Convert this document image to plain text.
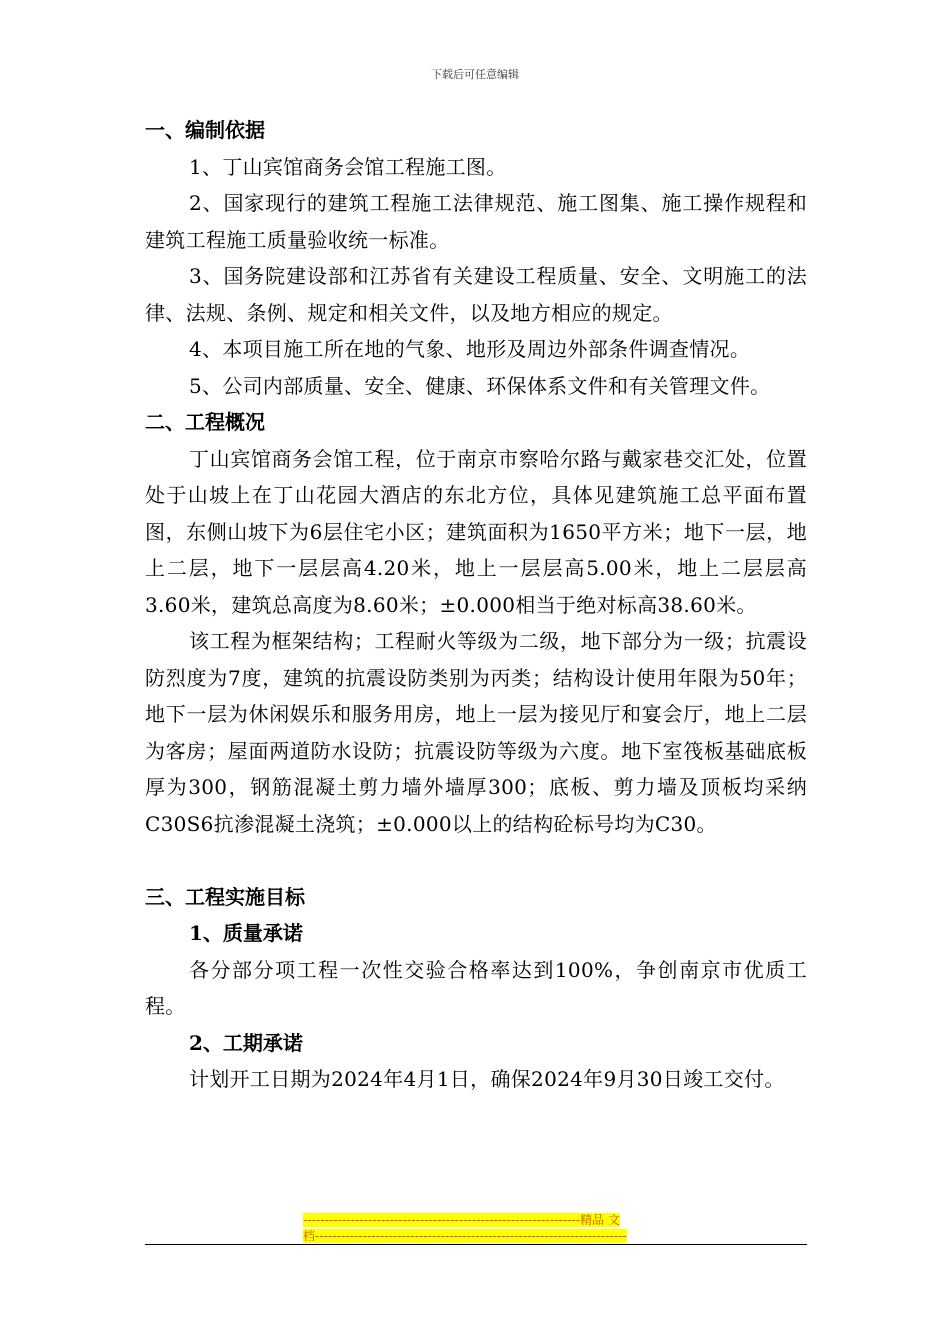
下载后可任意编辑
一、编制依据
1、丁山宾馆商务会馆工程施工图。
2、国家现行的建筑工程施工法律规范、施工图集、施工操作规程和建筑工程施工质量验收统一标准。
3、国务院建设部和江苏省有关建设工程质量、安全、文明施工的法律、法规、条例、规定和相关文件，以及地方相应的规定。
4、本项目施工所在地的气象、地形及周边外部条件调查情况。
5、公司内部质量、安全、健康、环保体系文件和有关管理文件。
二、工程概况
丁山宾馆商务会馆工程，位于南京市察哈尔路与戴家巷交汇处，位置处于山坡上在丁山花园大酒店的东北方位，具体见建筑施工总平面布置图，东侧山坡下为6层住宅小区；建筑面积为1650平方米；地下一层，地上二层，地下一层层高4.20米，地上一层层高5.00米，地上二层层高3.60米，建筑总高度为8.60米；±0.000相当于绝对标高38.60米。
该工程为框架结构；工程耐火等级为二级，地下部分为一级；抗震设防烈度为7度，建筑的抗震设防类别为丙类；结构设计使用年限为50年；地下一层为休闲娱乐和服务用房，地上一层为接见厅和宴会厅，地上二层为客房；屋面两道防水设防；抗震设防等级为六度。地下室筏板基础底板厚为300，钢筋混凝土剪力墙外墙厚300；底板、剪力墙及顶板均采纳C30S6抗渗混凝土浇筑；±0.000以上的结构砼标号均为C30。
三、工程实施目标
1、质量承诺
各分部分项工程一次性交验合格率达到100%，争创南京市优质工程。
2、工期承诺
计划开工日期为2024年4月1日，确保2024年9月30日竣工交付。
----------------------------------------------------------------精品 文
档------------------------------------------------------------------------
